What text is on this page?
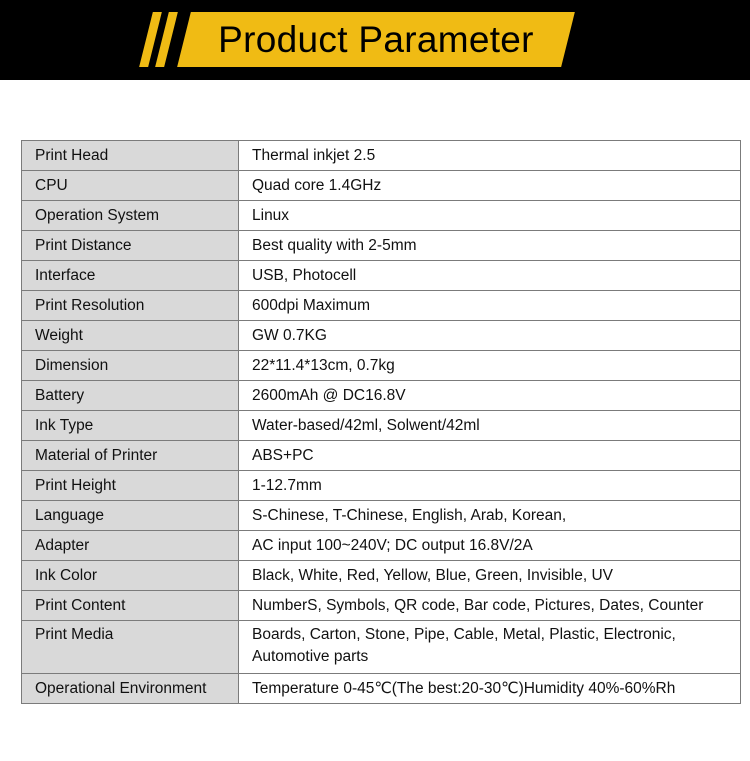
Product Parameter
Print Head	Thermal inkjet 2.5
CPU	Quad core 1.4GHz
Operation System	Linux
Print Distance	Best quality with 2-5mm
Interface	USB, Photocell
Print Resolution	600dpi Maximum
Weight	GW 0.7KG
Dimension	22*11.4*13cm, 0.7kg
Battery	2600mAh @ DC16.8V
Ink Type	Water-based/42ml, Solwent/42ml
Material of Printer	ABS+PC
Print Height	1-12.7mm
Language	S-Chinese, T-Chinese, English, Arab, Korean,
Adapter	AC input 100~240V; DC output 16.8V/2A
Ink Color	Black, White, Red, Yellow, Blue, Green, Invisible, UV
Print Content	NumberS, Symbols, QR code, Bar code, Pictures, Dates, Counter
Print Media	Boards, Carton, Stone, Pipe, Cable, Metal, Plastic, Electronic, Automotive parts
Operational Environment	Temperature 0-45℃(The best:20-30℃)Humidity 40%-60%Rh
